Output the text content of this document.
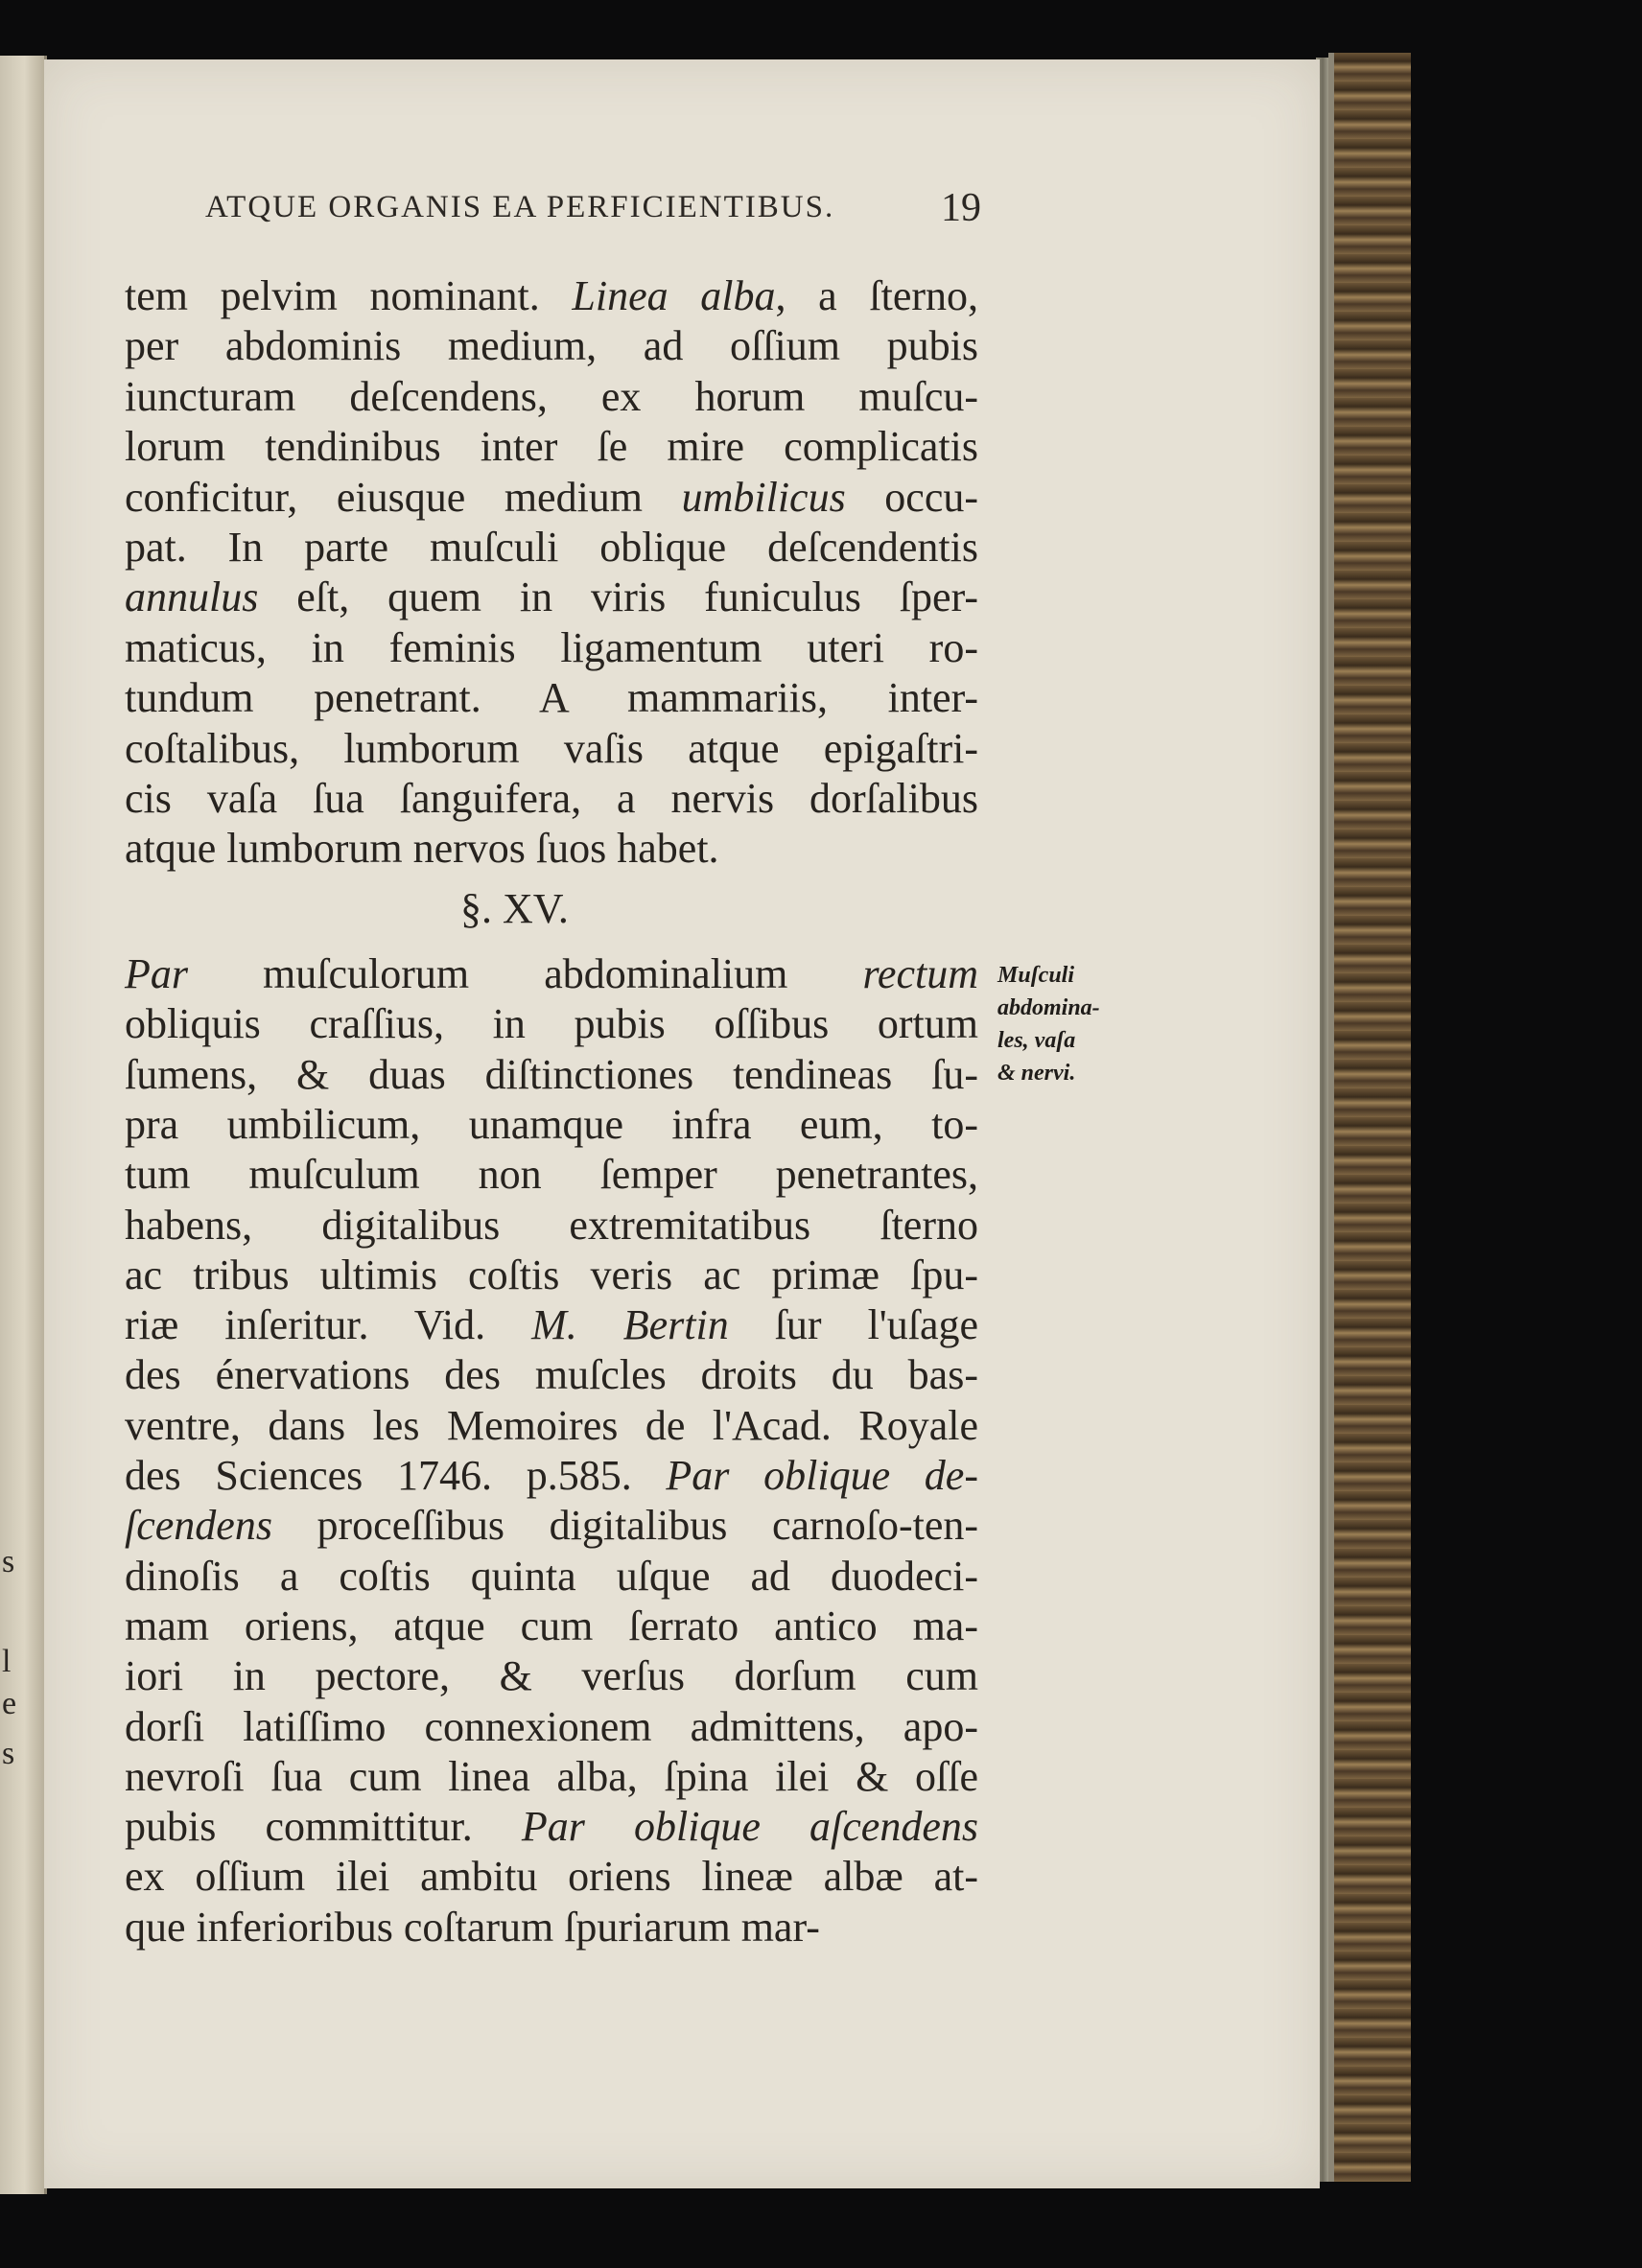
s
l
e
s
ATQUE ORGANIS EA PERFICIENTIBUS.	19
tem pelvim nominant. Linea alba, a ſterno,
per abdominis medium, ad oſſium pubis
iuncturam deſcendens, ex horum muſcu-
lorum tendinibus inter ſe mire complicatis
conficitur, eiusque medium umbilicus occu-
pat. In parte muſculi oblique deſcendentis
annulus eſt, quem in viris funiculus ſper-
maticus, in feminis ligamentum uteri ro-
tundum penetrant. A mammariis, inter-
coſtalibus, lumborum vaſis atque epigaſtri-
cis vaſa ſua ſanguifera, a nervis dorſalibus
atque lumborum nervos ſuos habet.
§. XV.
Par muſculorum abdominalium rectum
obliquis craſſius, in pubis oſſibus ortum
ſumens, & duas diſtinctiones tendineas ſu-
pra umbilicum, unamque infra eum, to-
tum muſculum non ſemper penetrantes,
habens, digitalibus extremitatibus ſterno
ac tribus ultimis coſtis veris ac primæ ſpu-
riæ inſeritur. Vid. M. Bertin ſur l'uſage
des énervations des muſcles droits du bas-
ventre, dans les Memoires de l'Acad. Royale
des Sciences 1746. p.585. Par oblique de-
ſcendens proceſſibus digitalibus carnoſo-ten-
dinoſis a coſtis quinta uſque ad duodeci-
mam oriens, atque cum ſerrato antico ma-
iori in pectore, & verſus dorſum cum
dorſi latiſſimo connexionem admittens, apo-
nevroſi ſua cum linea alba, ſpina ilei & oſſe
pubis committitur. Par oblique aſcendens
ex oſſium ilei ambitu oriens lineæ albæ at-
que inferioribus coſtarum ſpuriarum mar-
Muſculi
abdomina-
les, vaſa
& nervi.
